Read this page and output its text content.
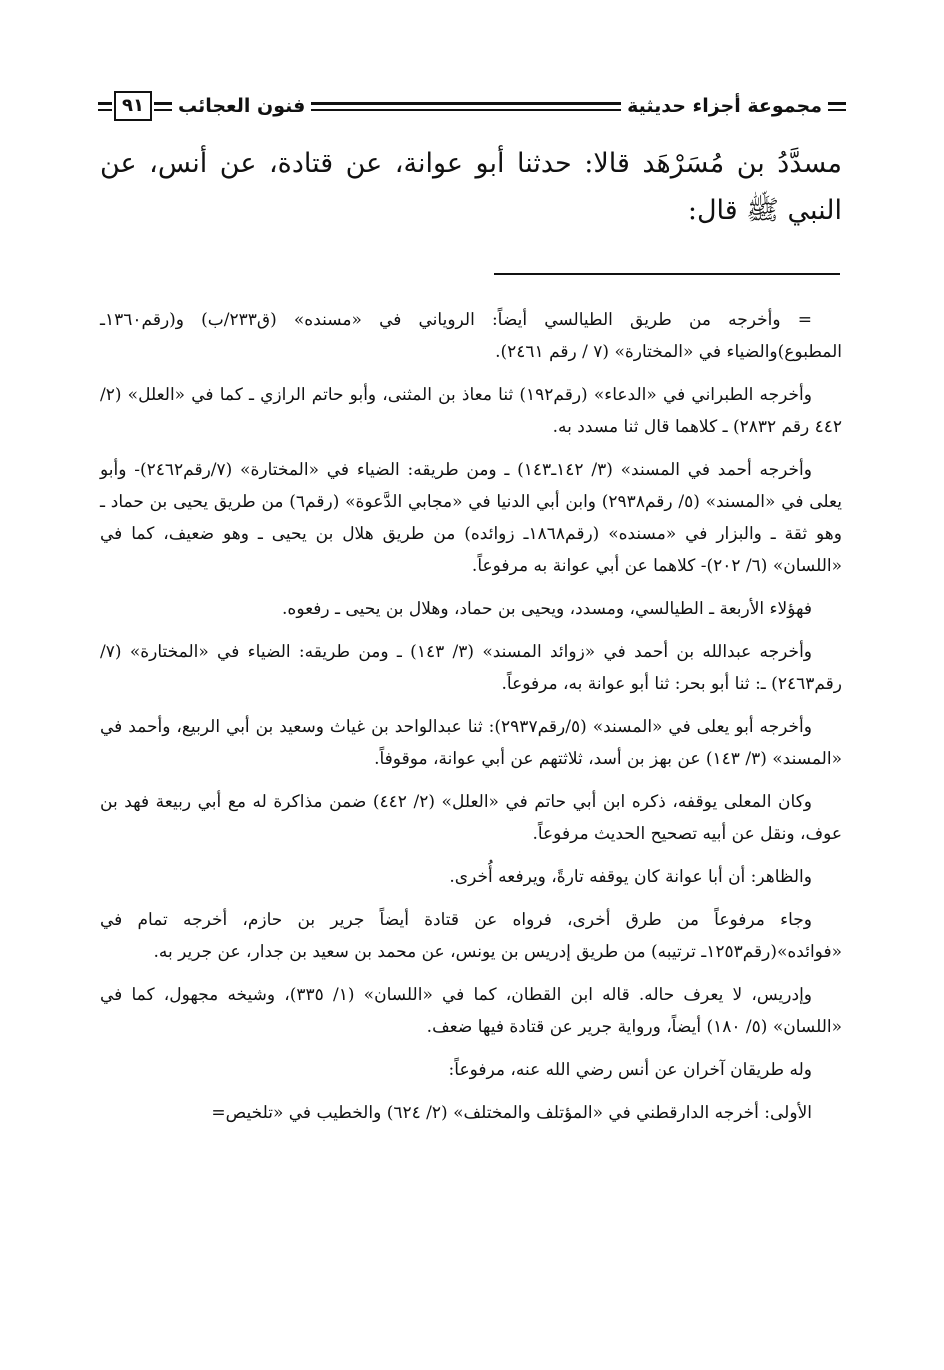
مجموعة أجزاء حديثية
فنون العجائب
٩١

مسدَّدُ بن مُسَرْهَد قالا: حدثنا أبو عوانة، عن قتادة، عن أنس، عن النبي ﷺ قال:

= وأخرجه من طريق الطيالسي أيضاً: الروياني في «مسنده» (ق٢٣٣/ب) و(رقم١٣٦٠ـ المطبوع)والضياء في «المختارة» (٧ / رقم ٢٤٦١).

وأخرجه الطبراني في «الدعاء» (رقم١٩٢) ثنا معاذ بن المثنى، وأبو حاتم الرازي ـ كما في «العلل» (٢/ ٤٤٢ رقم ٢٨٣٢) ـ كلاهما قال ثنا مسدد به.

وأخرجه أحمد في المسند» (٣/ ١٤٢ـ١٤٣) ـ ومن طريقه: الضياء في «المختارة» (٧/رقم٢٤٦٢)- وأبو يعلى في «المسند» (٥/ رقم٢٩٣٨) وابن أبي الدنيا في «مجابي الدَّعوة» (رقم٦) من طريق يحيى بن حماد ـ وهو ثقة ـ والبزار في «مسنده» (رقم١٨٦٨ـ زوائده) من طريق هلال بن يحيى ـ وهو ضعيف، كما في «اللسان» (٦/ ٢٠٢)- كلاهما عن أبي عوانة به مرفوعاً.

فهؤلاء الأربعة ـ الطيالسي، ومسدد، ويحيى بن حماد، وهلال بن يحيى ـ رفعوه.

وأخرجه عبدالله بن أحمد في «زوائد المسند» (٣/ ١٤٣) ـ ومن طريقه: الضياء في «المختارة» (٧/رقم٢٤٦٣) ـ: ثنا أبو بحر: ثنا أبو عوانة به، مرفوعاً.

وأخرجه أبو يعلى في «المسند» (٥/رقم٢٩٣٧): ثنا عبدالواحد بن غياث وسعيد بن أبي الربيع، وأحمد في «المسند» (٣/ ١٤٣) عن بهز بن أسد، ثلاثتهم عن أبي عوانة، موقوفاً.

وكان المعلى يوقفه، ذكره ابن أبي حاتم في «العلل» (٢/ ٤٤٢) ضمن مذاكرة له مع أبي ربيعة فهد بن عوف، ونقل عن أبيه تصحيح الحديث مرفوعاً.

والظاهر: أن أبا عوانة كان يوقفه تارةً، ويرفعه أُخرى.

وجاء مرفوعاً من طرق أخرى، فرواه عن قتادة أيضاً جرير بن حازم، أخرجه تمام في «فوائده»(رقم١٢٥٣ـ ترتيبه) من طريق إدريس بن يونس، عن محمد بن سعيد بن جدار، عن جرير به.

وإدريس، لا يعرف حاله. قاله ابن القطان، كما في «اللسان» (١/ ٣٣٥)، وشيخه مجهول، كما في «اللسان» (٥/ ١٨٠) أيضاً، ورواية جرير عن قتادة فيها ضعف.

وله طريقان آخران عن أنس رضي الله عنه، مرفوعاً:

الأولى: أخرجه الدارقطني في «المؤتلف والمختلف» (٢/ ٦٢٤) والخطيب في «تلخيص=
